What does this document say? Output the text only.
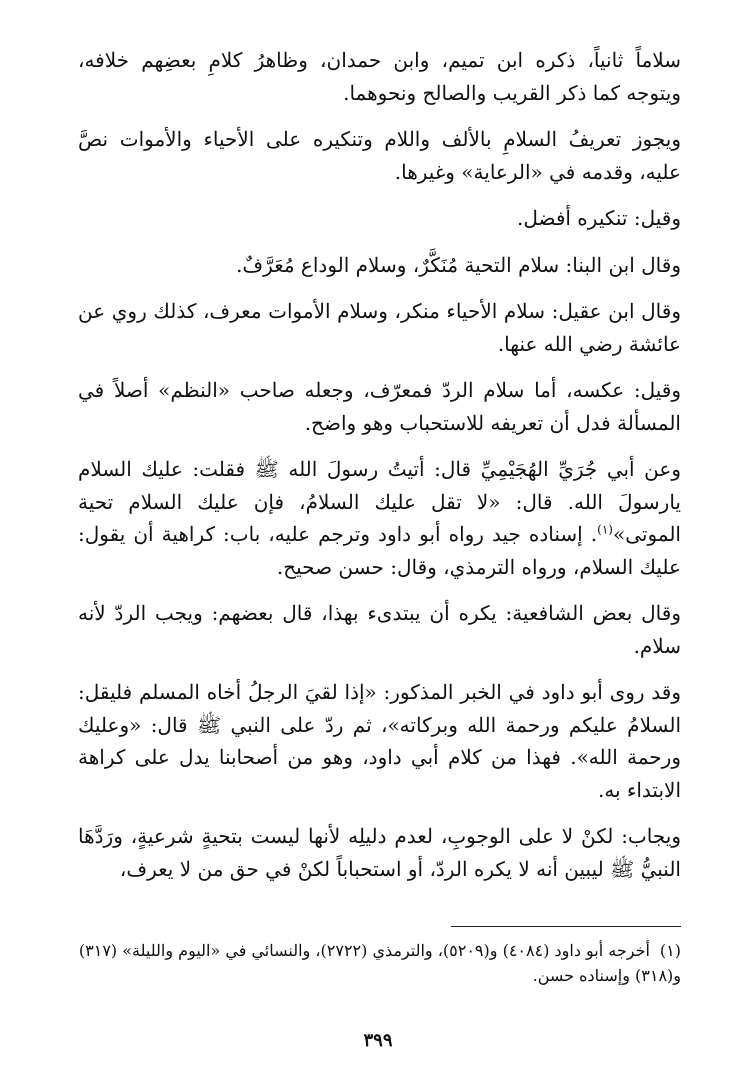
سلاماً ثانياً، ذكره ابن تميم، وابن حمدان، وظاهرُ كلامِ بعضِهم خلافه، ويتوجه كما ذكر القريب والصالح ونحوهما.

ويجوز تعريفُ السلامِ بالألف واللام وتنكيره على الأحياء والأموات نصَّ عليه، وقدمه في «الرعاية» وغيرها.

وقيل: تنكيره أفضل.

وقال ابن البنا: سلام التحية مُنَكَّرٌ، وسلام الوداع مُعَرَّفٌ.

وقال ابن عقيل: سلام الأحياء منكر، وسلام الأموات معرف، كذلك روي عن عائشة رضي الله عنها.

وقيل: عكسه، أما سلام الردّ فمعرّف، وجعله صاحب «النظم» أصلاً في المسألة فدل أن تعريفه للاستحباب وهو واضح.

وعن أبي جُرَيِّ الهُجَيْمِيِّ قال: أتيتُ رسولَ الله ﷺ فقلت: عليك السلام يارسولَ الله. قال: «لا تقل عليك السلامُ، فإن عليك السلام تحية الموتى»$^{(١)}$. إسناده جيد رواه أبو داود وترجم عليه، باب: كراهية أن يقول: عليك السلام، ورواه الترمذي، وقال: حسن صحيح.

وقال بعض الشافعية: يكره أن يبتدىء بهذا، قال بعضهم: ويجب الردّ لأنه سلام.

وقد روى أبو داود في الخبر المذكور: «إذا لقيَ الرجلُ أخاه المسلم فليقل: السلامُ عليكم ورحمة الله وبركاته»، ثم ردّ على النبي ﷺ قال: «وعليك ورحمة الله». فهذا من كلام أبي داود، وهو من أصحابنا يدل على كراهة الابتداء به.

ويجاب: لكنْ لا على الوجوبِ، لعدم دليلِه لأنها ليست بتحيةٍ شرعيةٍ، ورَدَّهَا النبيُّ ﷺ ليبين أنه لا يكره الردّ، أو استحباباً لكنْ في حق من لا يعرف،

(١)أخرجه أبو داود (٤٠٨٤) و(٥٢٠٩)، والترمذي (٢٧٢٢)، والنسائي في «اليوم والليلة» (٣١٧) و(٣١٨) وإسناده حسن.

٣٩٩
